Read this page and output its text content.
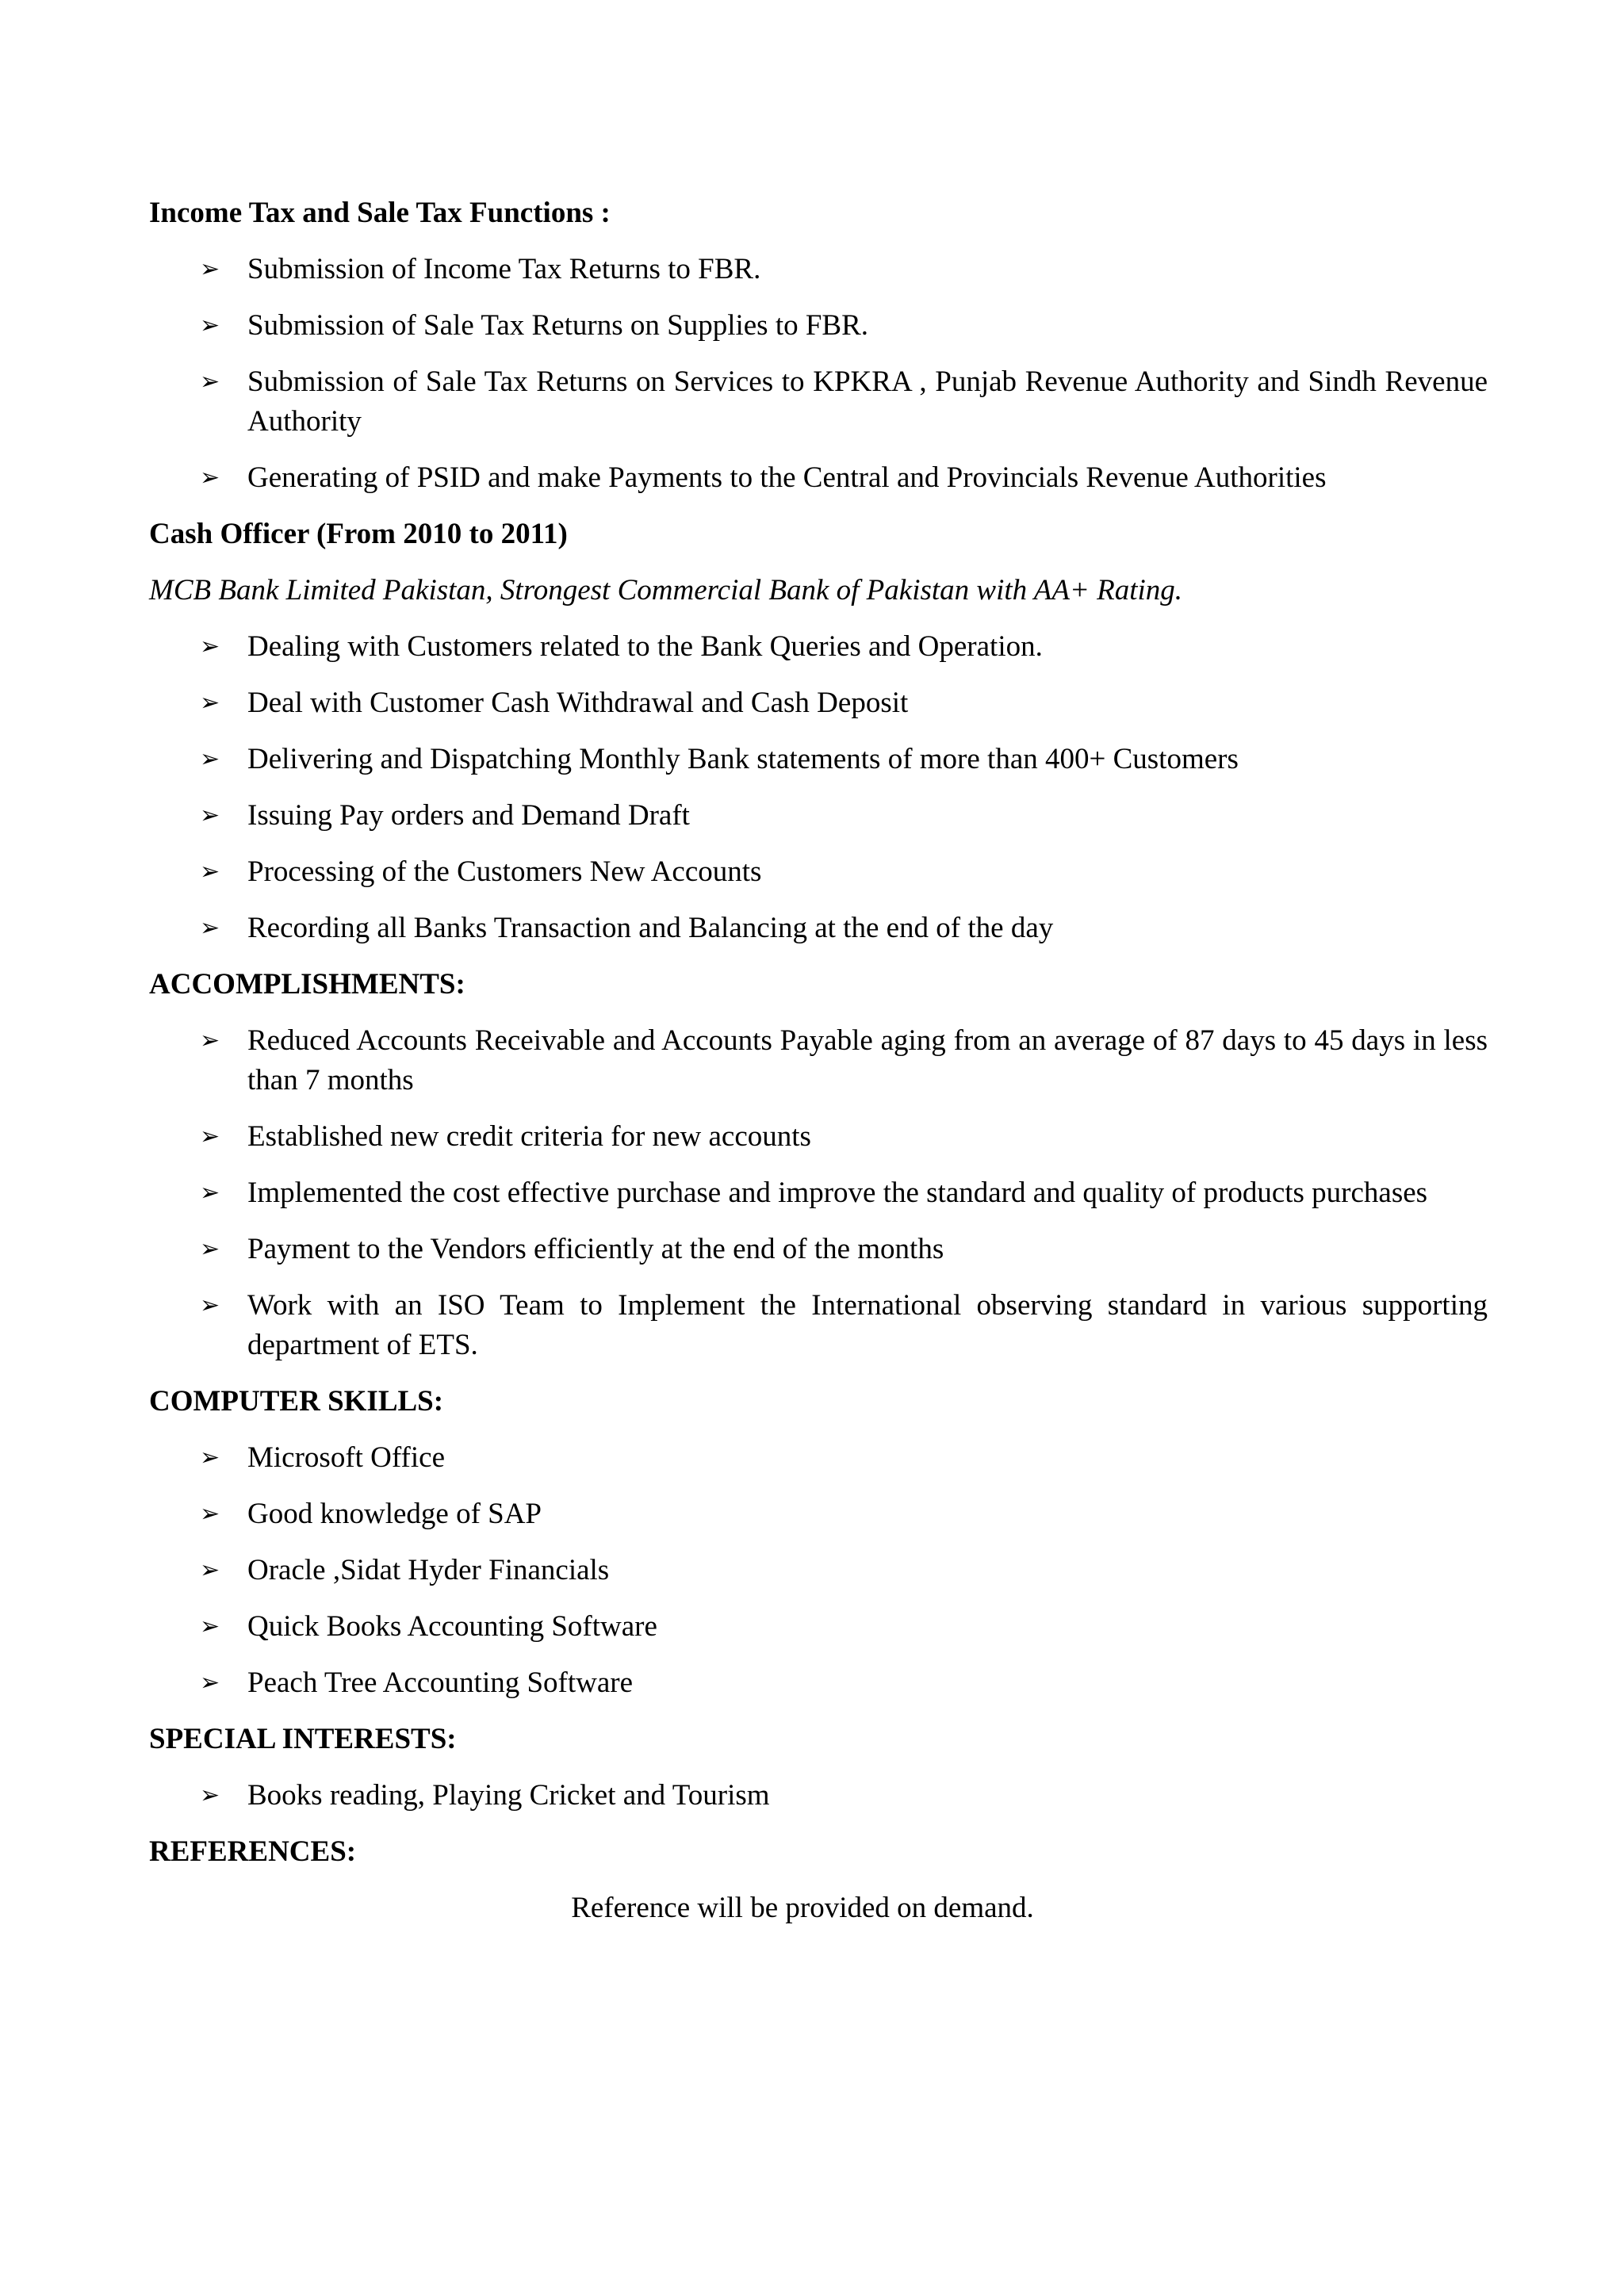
Income Tax and Sale Tax Functions :
➢ Submission of Income Tax Returns to FBR.
➢ Submission of Sale Tax Returns on Supplies to FBR.
➢ Submission of Sale Tax Returns on Services to KPKRA , Punjab Revenue Authority and Sindh Revenue Authority
➢ Generating of PSID and make Payments to the Central and Provincials Revenue Authorities
Cash Officer (From 2010 to 2011)
MCB Bank Limited Pakistan, Strongest Commercial Bank of Pakistan with AA+ Rating.
➢ Dealing with Customers related to the Bank Queries and Operation.
➢ Deal with Customer Cash Withdrawal and Cash Deposit
➢ Delivering and Dispatching Monthly Bank statements of more than 400+ Customers
➢ Issuing Pay orders and Demand Draft
➢ Processing of the Customers New Accounts
➢ Recording all Banks Transaction and Balancing at the end of the day
ACCOMPLISHMENTS:
➢ Reduced Accounts Receivable and Accounts Payable aging from an average of 87 days to 45 days in less than 7 months
➢ Established new credit criteria for new accounts
➢ Implemented the cost effective purchase and improve the standard and quality of products purchases
➢ Payment to the Vendors efficiently at the end of the months
➢ Work with an ISO Team to Implement the International observing standard in various supporting department of ETS.
COMPUTER SKILLS:
➢ Microsoft Office
➢ Good knowledge of SAP
➢ Oracle ,Sidat Hyder Financials
➢ Quick Books Accounting Software
➢ Peach Tree Accounting Software
SPECIAL INTERESTS:
➢ Books reading, Playing Cricket and Tourism
REFERENCES:

Reference will be provided on demand.
